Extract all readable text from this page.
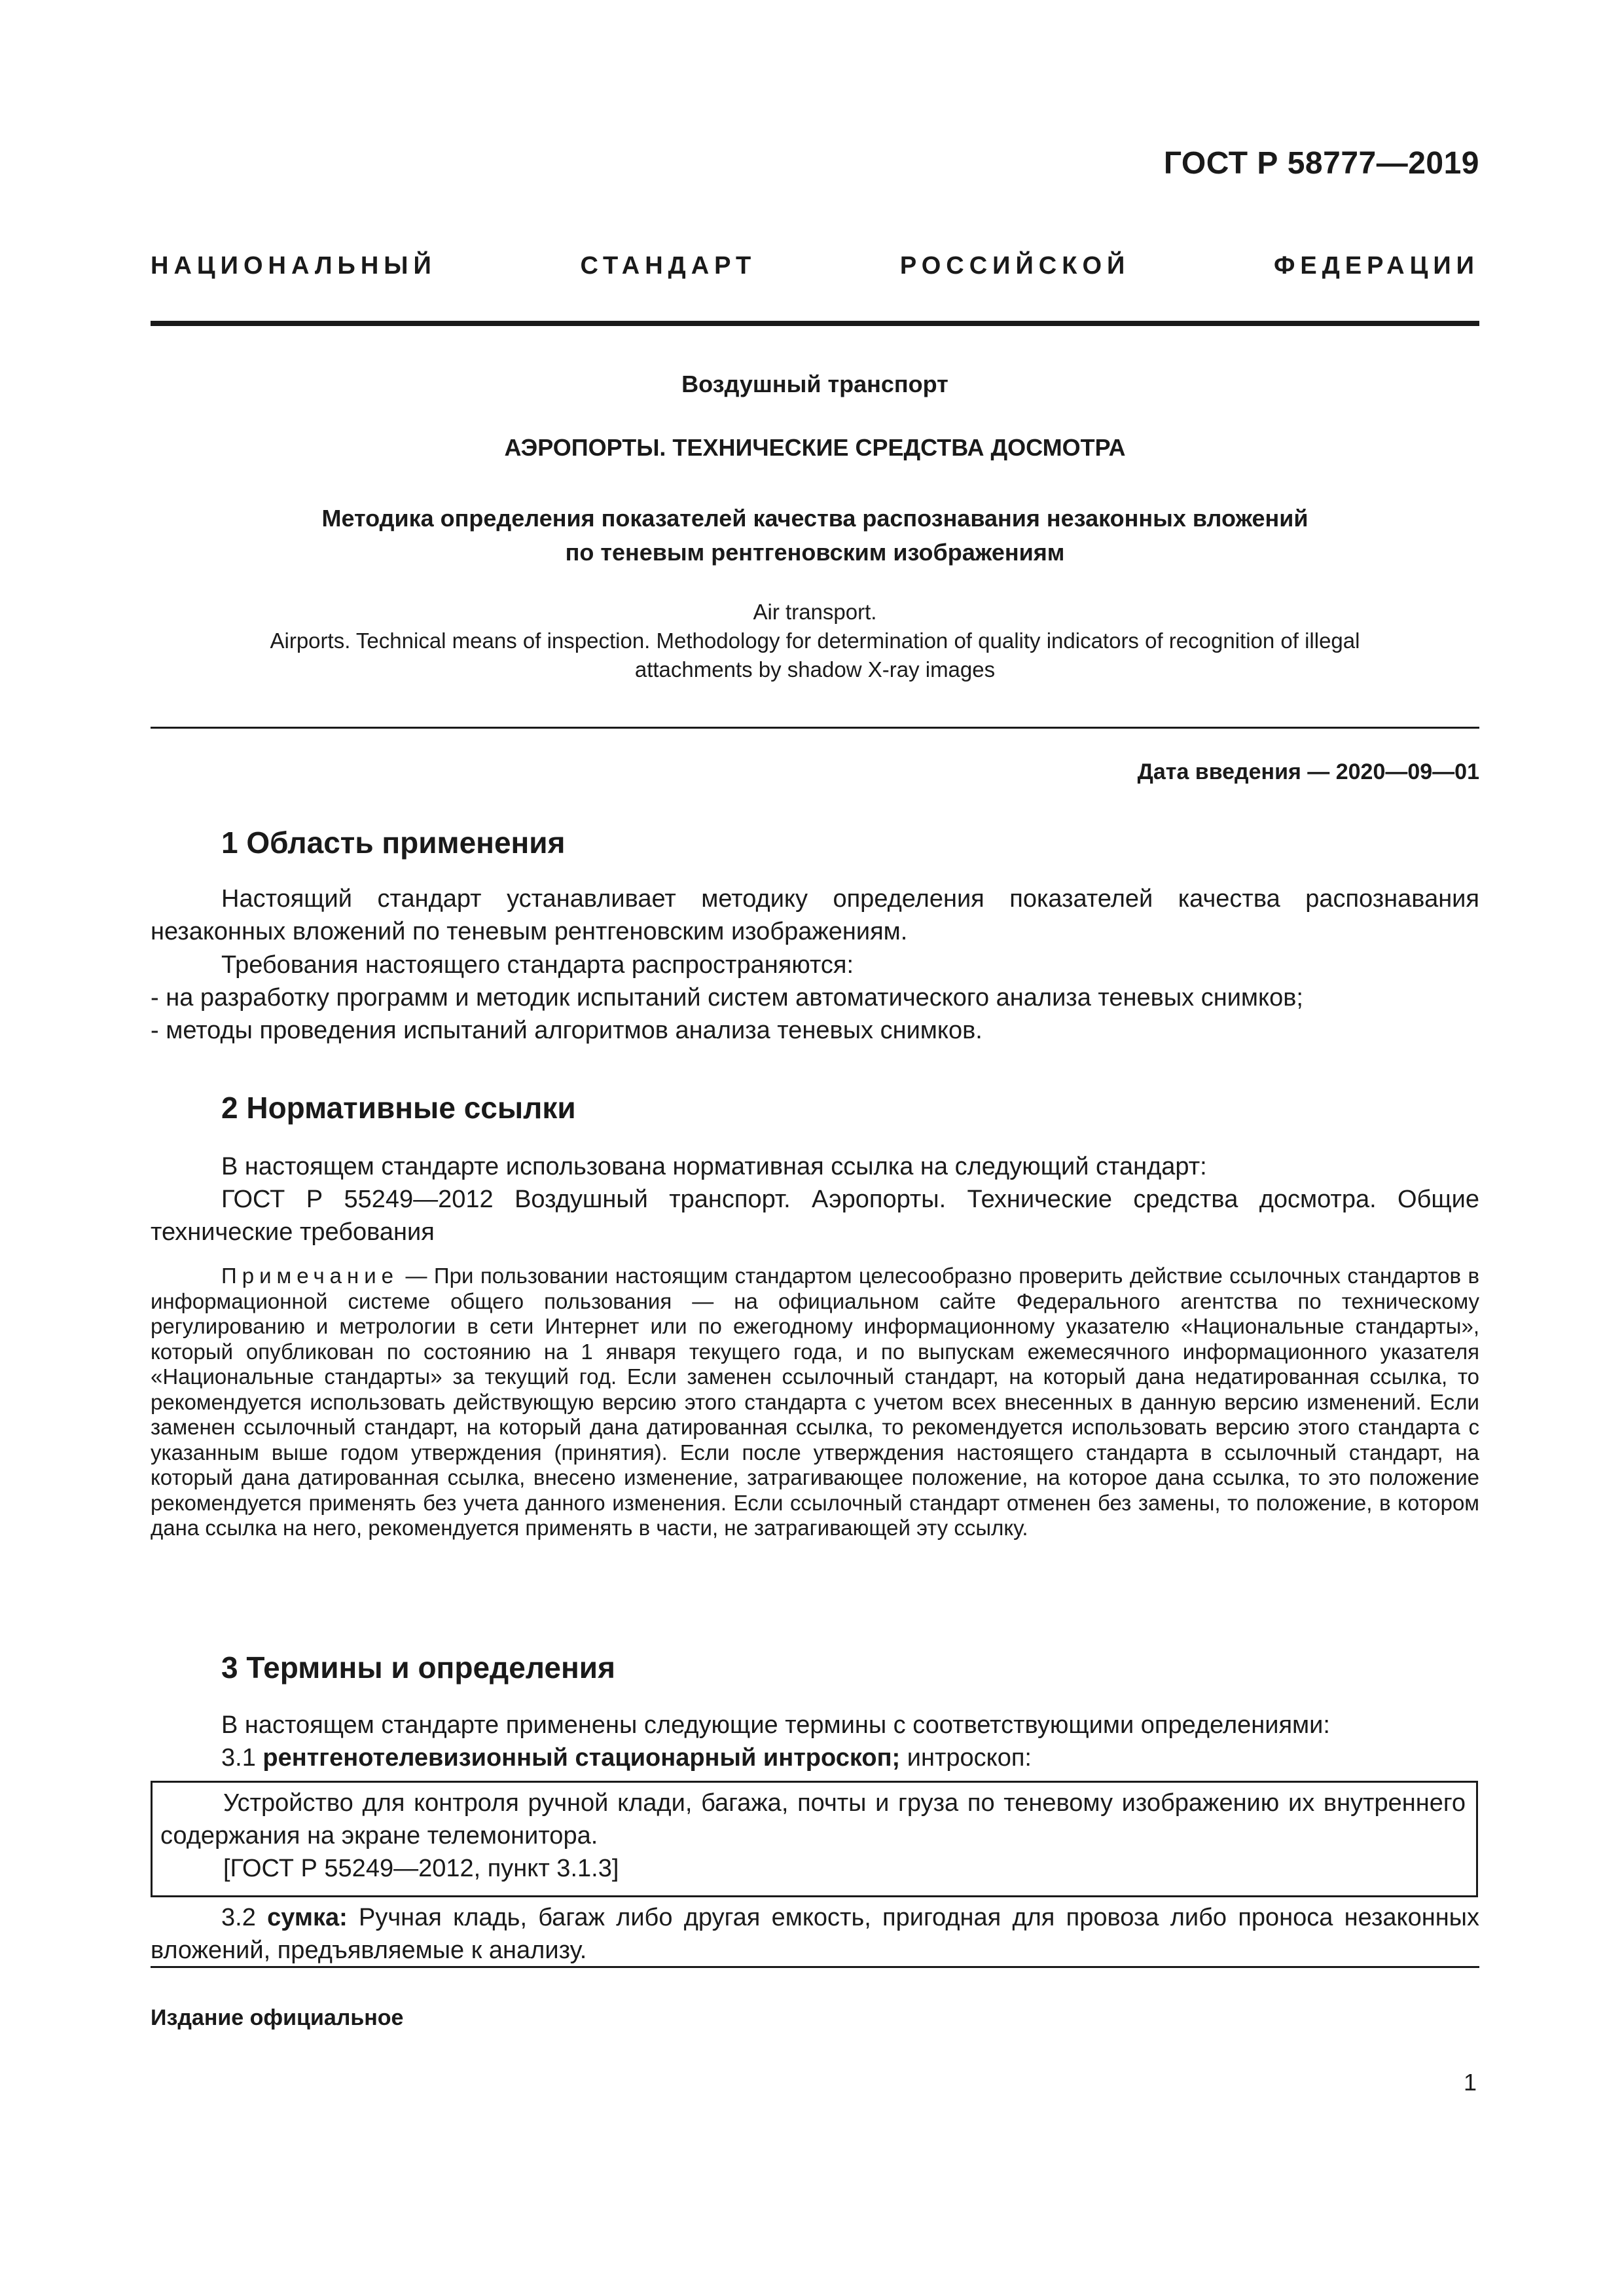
ГОСТ Р 58777—2019
НАЦИОНАЛЬНЫЙ	СТАНДАРТ	РОССИЙСКОЙ	ФЕДЕРАЦИИ
Воздушный транспорт
АЭРОПОРТЫ. ТЕХНИЧЕСКИЕ СРЕДСТВА ДОСМОТРА
Методика определения показателей качества распознавания незаконных вложений
по теневым рентгеновским изображениям
Air transport.
Airports. Technical means of inspection. Methodology for determination of quality indicators of recognition of illegal
attachments by shadow X-ray images
Дата введения — 2020—09—01
1 Область применения
Настоящий стандарт устанавливает методику определения показателей качества распознавания незаконных вложений по теневым рентгеновским изображениям.
Требования настоящего стандарта распространяются:
- на разработку программ и методик испытаний систем автоматического анализа теневых снимков;
- методы проведения испытаний алгоритмов анализа теневых снимков.
2 Нормативные ссылки
В настоящем стандарте использована нормативная ссылка на следующий стандарт:
ГОСТ Р 55249—2012 Воздушный транспорт. Аэропорты. Технические средства досмотра. Общие технические требования
Примечание — При пользовании настоящим стандартом целесообразно проверить действие ссылочных стандартов в информационной системе общего пользования — на официальном сайте Федерального агентства по техническому регулированию и метрологии в сети Интернет или по ежегодному информационному указателю «Национальные стандарты», который опубликован по состоянию на 1 января текущего года, и по выпускам ежемесячного информационного указателя «Национальные стандарты» за текущий год. Если заменен ссылочный стандарт, на который дана недатированная ссылка, то рекомендуется использовать действующую версию этого стандарта с учетом всех внесенных в данную версию изменений. Если заменен ссылочный стандарт, на который дана датированная ссылка, то рекомендуется использовать версию этого стандарта с указанным выше годом утверждения (принятия). Если после утверждения настоящего стандарта в ссылочный стандарт, на который дана датированная ссылка, внесено изменение, затрагивающее положение, на которое дана ссылка, то это положение рекомендуется применять без учета данного изменения. Если ссылочный стандарт отменен без замены, то положение, в котором дана ссылка на него, рекомендуется применять в части, не затрагивающей эту ссылку.
3 Термины и определения
В настоящем стандарте применены следующие термины с соответствующими определениями:
3.1 рентгенотелевизионный стационарный интроскоп; интроскоп:
Устройство для контроля ручной клади, багажа, почты и груза по теневому изображению их внутреннего содержания на экране телемонитора.
[ГОСТ Р 55249—2012, пункт 3.1.3]
3.2 сумка: Ручная кладь, багаж либо другая емкость, пригодная для провоза либо проноса незаконных вложений, предъявляемые к анализу.
Издание официальное
1
